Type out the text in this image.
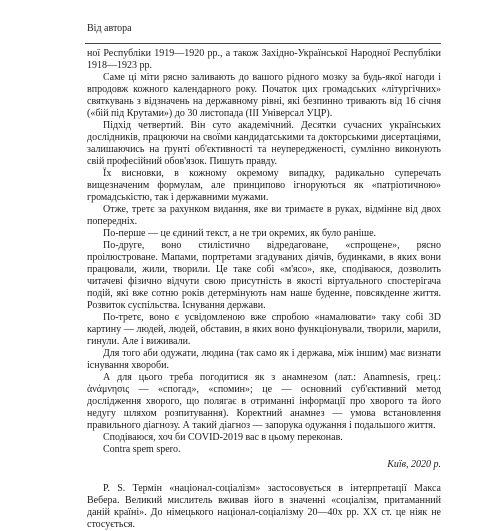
Від автора

ної Республіки 1919—1920 рр., а також Західно-Української Народної Республіки 1918—1923 рр.

Саме ці міти рясно заливають до вашого рідного мозку за будь-якої нагоди і впродовж кожного календарного року. Початок цих громадських «літургічних» святкувань з відзначень на державному рівні, які безпинно тривають від 16 січня («бій під Крутами») до 30 листопада (ІІІ Універсал УЦР).

Підхід четвертий. Він суто академічний. Десятки сучасних українських дослідників, працюючи на своїми кандидатськими та докторськими дисертаціями, залишаючись на ґрунті об'єктивності та неупередженості, сумлінно виконують свій професійний обов'язок. Пишуть правду.

Їх висновки, в кожному окремому випадку, радикально суперечать вищезначеним формулам, але принципово ігноруються як «патріотичною» громадськістю, так і державними мужами.

Отже, третє за рахунком видання, яке ви тримаєте в руках, відмінне від двох попередніх.

По-перше — це єдиний текст, а не три окремих, як було раніше.

По-друге, воно стилістично відредаговане, «спрощене», рясно проілюстроване. Мапами, портретами згадуваних діячів, будинками, в яких вони працювали, жили, творили. Це таке собі «м'ясо», яке, сподіваюся, дозволить читачеві фізично відчути свою присутність в якості віртуального спостерігача подій, які вже сотню років детермінують нам наше буденне, повсякденне життя. Розвиток суспільства. Існування держави.

По-третє, воно є усвідомленою вже спробою «намалювати» таку собі 3D картину — людей, людей, обставин, в яких воно функціонували, творили, марили, гинули. Але і виживали.

Для того аби одужати, людина (так само як і держава, між іншим) має визнати існування хвороби.

А для цього треба погодитися як з анамнезом (лат.: Anamnesis, грец.: ἀνάμνησις — «спогад», «спомин»; це — основний суб'єктивний метод дослідження хворого, що полягає в отриманні інформації про хворого та його недугу шляхом розпитування). Коректний анамнез — умова встановлення правильного діагнозу. А такий діагноз — запорука одужання і подальшого життя.

Сподіваюся, хоч би COVID-2019 вас в цьому переконав.

Contra spem spero.

Київ, 2020 р.

P. S. Термін «націонал-соціалізм» застосовується в інтерпретації Макса Вебера. Великий мислитель вживав його в значенні «соціалізм, притаманний даній країні». До німецького націонал-соціалізму 20—40х рр. ХХ ст. це ніяк не стосується.
